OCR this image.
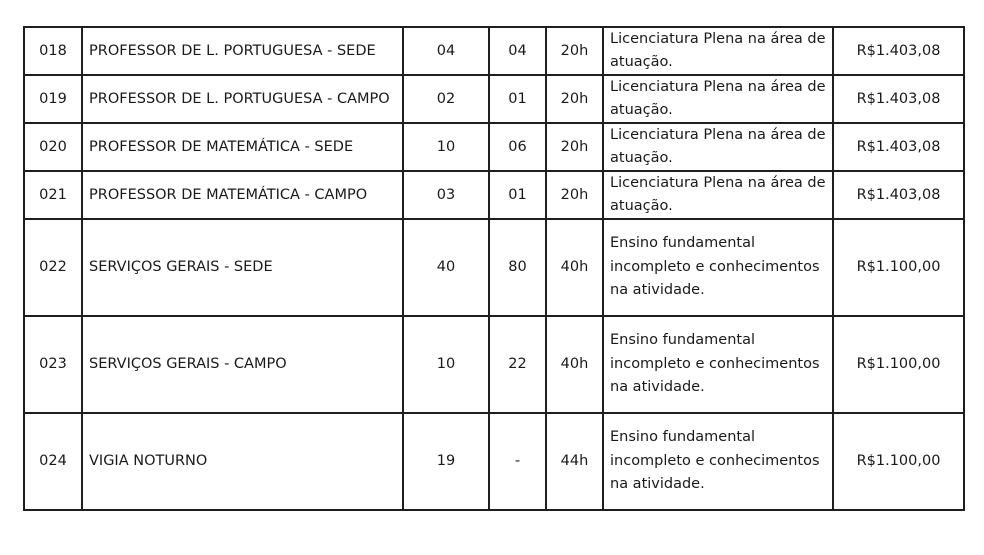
018	PROFESSOR DE L. PORTUGUESA - SEDE	04	04	20h	Licenciatura Plena na área de atuação.	R$1.403,08
019	PROFESSOR DE L. PORTUGUESA - CAMPO	02	01	20h	Licenciatura Plena na área de atuação.	R$1.403,08
020	PROFESSOR DE MATEMÁTICA - SEDE	10	06	20h	Licenciatura Plena na área de atuação.	R$1.403,08
021	PROFESSOR DE MATEMÁTICA - CAMPO	03	01	20h	Licenciatura Plena na área de atuação.	R$1.403,08
022	SERVIÇOS GERAIS - SEDE	40	80	40h	Ensino fundamental incompleto e conhecimentos na atividade.	R$1.100,00
023	SERVIÇOS GERAIS - CAMPO	10	22	40h	Ensino fundamental incompleto e conhecimentos na atividade.	R$1.100,00
024	VIGIA NOTURNO	19	-	44h	Ensino fundamental incompleto e conhecimentos na atividade.	R$1.100,00
